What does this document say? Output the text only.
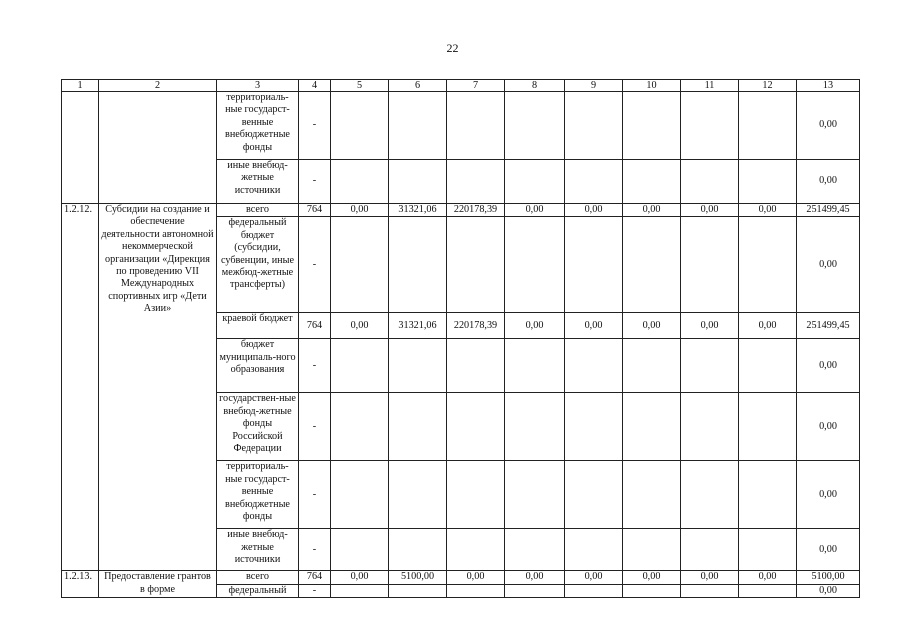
22
1	2	3	4	5	6	7	8	9	10	11	12	13
		территориаль-ные государст-венные внебюджетные фонды	-									0,00
		иные внебюд-жетные источники	-									0,00
1.2.12.	Субсидии на создание и обеспечение деятельности автономной некоммерческой организации «Дирекция по проведению VII Международных спортивных игр «Дети Азии»	всего	764	0,00	31321,06	220178,39	0,00	0,00	0,00	0,00	0,00	251499,45
		федеральный бюджет (субсидии, субвенции, иные межбюд-жетные трансферты)	-									0,00
		краевой бюджет	764	0,00	31321,06	220178,39	0,00	0,00	0,00	0,00	0,00	251499,45
		бюджет муниципаль-ного образования	-									0,00
		государствен-ные внебюд-жетные фонды Российской Федерации	-									0,00
		территориаль-ные государст-венные внебюджетные фонды	-									0,00
		иные внебюд-жетные источники	-									0,00
1.2.13.	Предоставление грантов в форме	всего	764	0,00	5100,00	0,00	0,00	0,00	0,00	0,00	0,00	5100,00
		федеральный	-									0,00
